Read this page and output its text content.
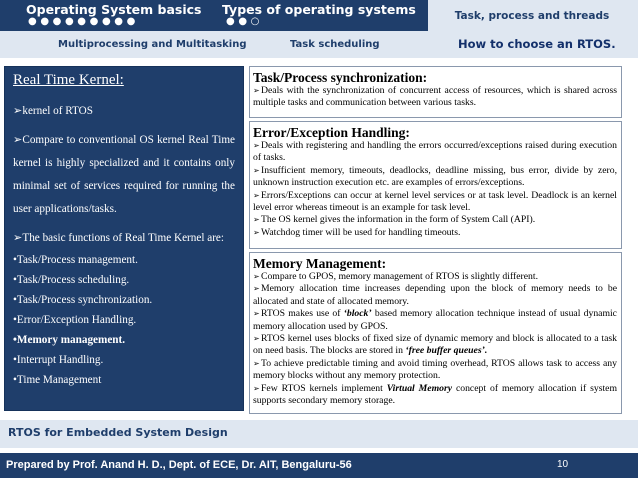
Operating System basics
●●●●●●●●●
Types of operating systems
●●○	Task, process and threads
Multiprocessing and Multitasking	Task scheduling	How to choose an RTOS.
Real Time Kernel:
➢kernel of RTOS
➢Compare to conventional OS kernel Real Time kernel is highly specialized and it contains only minimal set of services required for running the user applications/tasks.
➢The basic functions of Real Time Kernel are:
•Task/Process management.
•Task/Process scheduling.
•Task/Process synchronization.
•Error/Exception Handling.
•Memory management.
•Interrupt Handling.
•Time Management
Task/Process synchronization:
➢Deals with the synchronization of concurrent access of resources, which is shared across multiple tasks and communication between various tasks.
Error/Exception Handling:
➢Deals with registering and handling the errors occurred/exceptions raised during execution of tasks.
➢Insufficient memory, timeouts, deadlocks, deadline missing, bus error, divide by zero, unknown instruction execution etc. are examples of errors/exceptions.
➢Errors/Exceptions can occur at kernel level services or at task level. Deadlock is an kernel level error whereas timeout is an example for task level.
➢The OS kernel gives the information in the form of System Call (API).
➢Watchdog timer will be used for handling timeouts.
Memory Management:
➢Compare to GPOS, memory management of RTOS is slightly different.
➢Memory allocation time increases depending upon the block of memory needs to be allocated and state of allocated memory.
➢RTOS makes use of ‘block’ based memory allocation technique instead of usual dynamic memory allocation used by GPOS.
➢RTOS kernel uses blocks of fixed size of dynamic memory and block is allocated to a task on need basis. The blocks are stored in ‘free buffer queues’.
➢To achieve predictable timing and avoid timing overhead, RTOS allows task to access any memory blocks without any memory protection.
➢Few RTOS kernels implement Virtual Memory concept of memory allocation if system supports secondary memory storage.
RTOS for Embedded System Design
Prepared by Prof. Anand H. D., Dept. of ECE, Dr. AIT, Bengaluru-56	10
